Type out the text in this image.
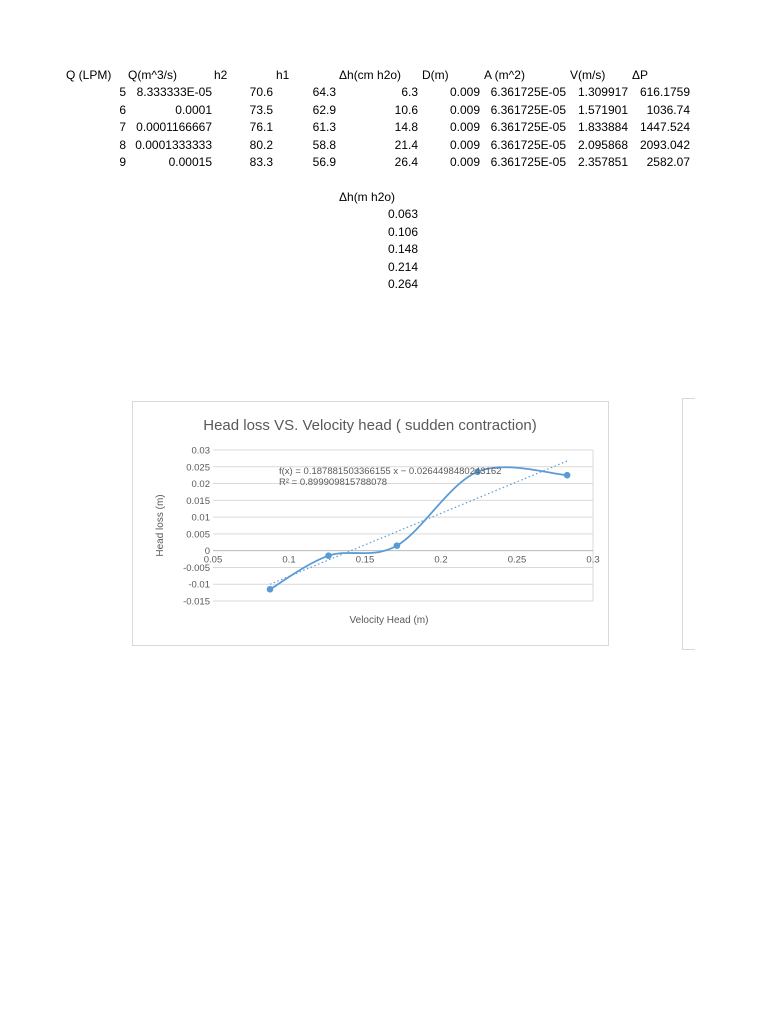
Q (LPM) Q(m^3/s)	h2	h1	Δh(cm h2o) D(m)	A (m^2)	V(m/s) ΔP
5 8.333333E-05	70.6	64.3	6.3	0.009 6.361725E-05 1.309917 616.1759
6	0.0001	73.5	62.9	10.6	0.009 6.361725E-05 1.571901 1036.74
7 0.0001166667	76.1	61.3	14.8	0.009 6.361725E-05 1.833884 1447.524
8 0.0001333333	80.2	58.8	21.4	0.009 6.361725E-05 2.095868 2093.042
9	0.00015	83.3	56.9	26.4	0.009 6.361725E-05 2.357851 2582.07
Δh(m h2o)
0.063
0.106
0.148
0.214
0.264
Head loss VS. Velocity head ( sudden contraction)
0.03
0.025
0.02
0.015
0.01
0.005
0
-0.005
-0.01
-0.015
0.05	0.1	0.15	0.2	0.25	0.3
Velocity Head (m)
Head loss (m)
f(x) = 0.187881503366155 x − 0.0264498480243162
R² = 0.899909815788078
